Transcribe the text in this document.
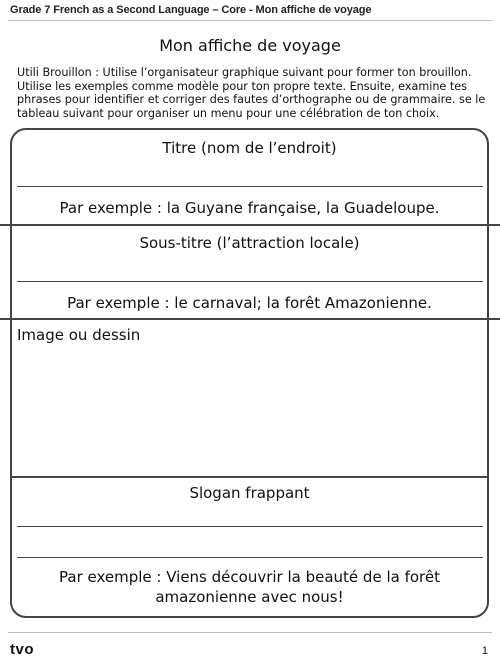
Grade 7 French as a Second Language – Core - Mon affiche de voyage
Mon affiche de voyage
Utili Brouillon : Utilise l’organisateur graphique suivant pour former ton brouillon. Utilise les exemples comme modèle pour ton propre texte. Ensuite, examine tes phrases pour identifier et corriger des fautes d’orthographe ou de grammaire. se le tableau suivant pour organiser un menu pour une célébration de ton choix.
Titre (nom de l’endroit)
Par exemple : la Guyane française, la Guadeloupe.
Sous-titre (l’attraction locale)
Par exemple : le carnaval; la forêt Amazonienne.
Image ou dessin
Slogan frappant
Par exemple : Viens découvrir la beauté de la forêt amazonienne avec nous!
tvo	1
